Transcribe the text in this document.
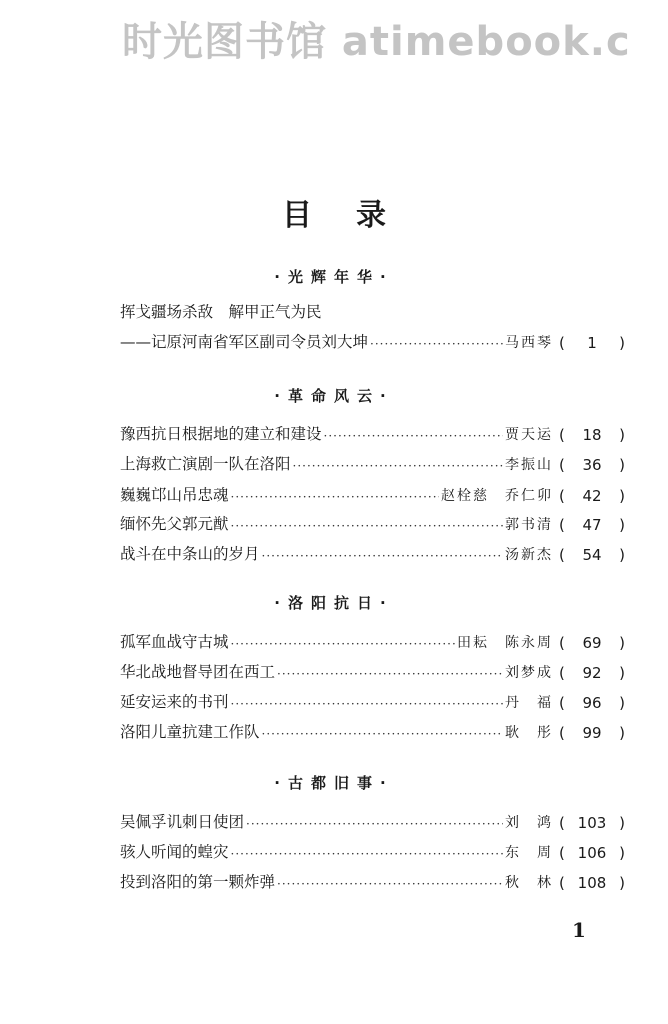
时光图书馆 atimebook.c
目录
·光辉年华·
挥戈疆场杀敌　解甲正气为民
——记原河南省军区副司令员刘大坤 ·····	马西琴 (	1	)
·革命风云·
豫西抗日根据地的建立和建设 ·····	贾天运 (	18	)
上海救亡演剧一队在洛阳 ·····	李振山 (	36	)
巍巍邙山吊忠魂 ·····	赵栓慈　乔仁卯 (	42	)
缅怀先父郭元猷 ·····	郭书清 (	47	)
战斗在中条山的岁月 ·····	汤新杰 (	54	)
·洛阳抗日·
孤军血战守古城 ·····	田耘　陈永周 (	69	)
华北战地督导团在西工 ·····	刘梦成 (	92	)
延安运来的书刊 ·····	丹　福 (	96	)
洛阳儿童抗建工作队 ·····	耿　彤 (	99	)
·古都旧事·
吴佩孚讥刺日使团 ·····	刘　鸿 ( 103 )
骇人听闻的蝗灾 ·····	东　周 ( 106 )
投到洛阳的第一颗炸弹 ·····	秋　林 ( 108 )
1
